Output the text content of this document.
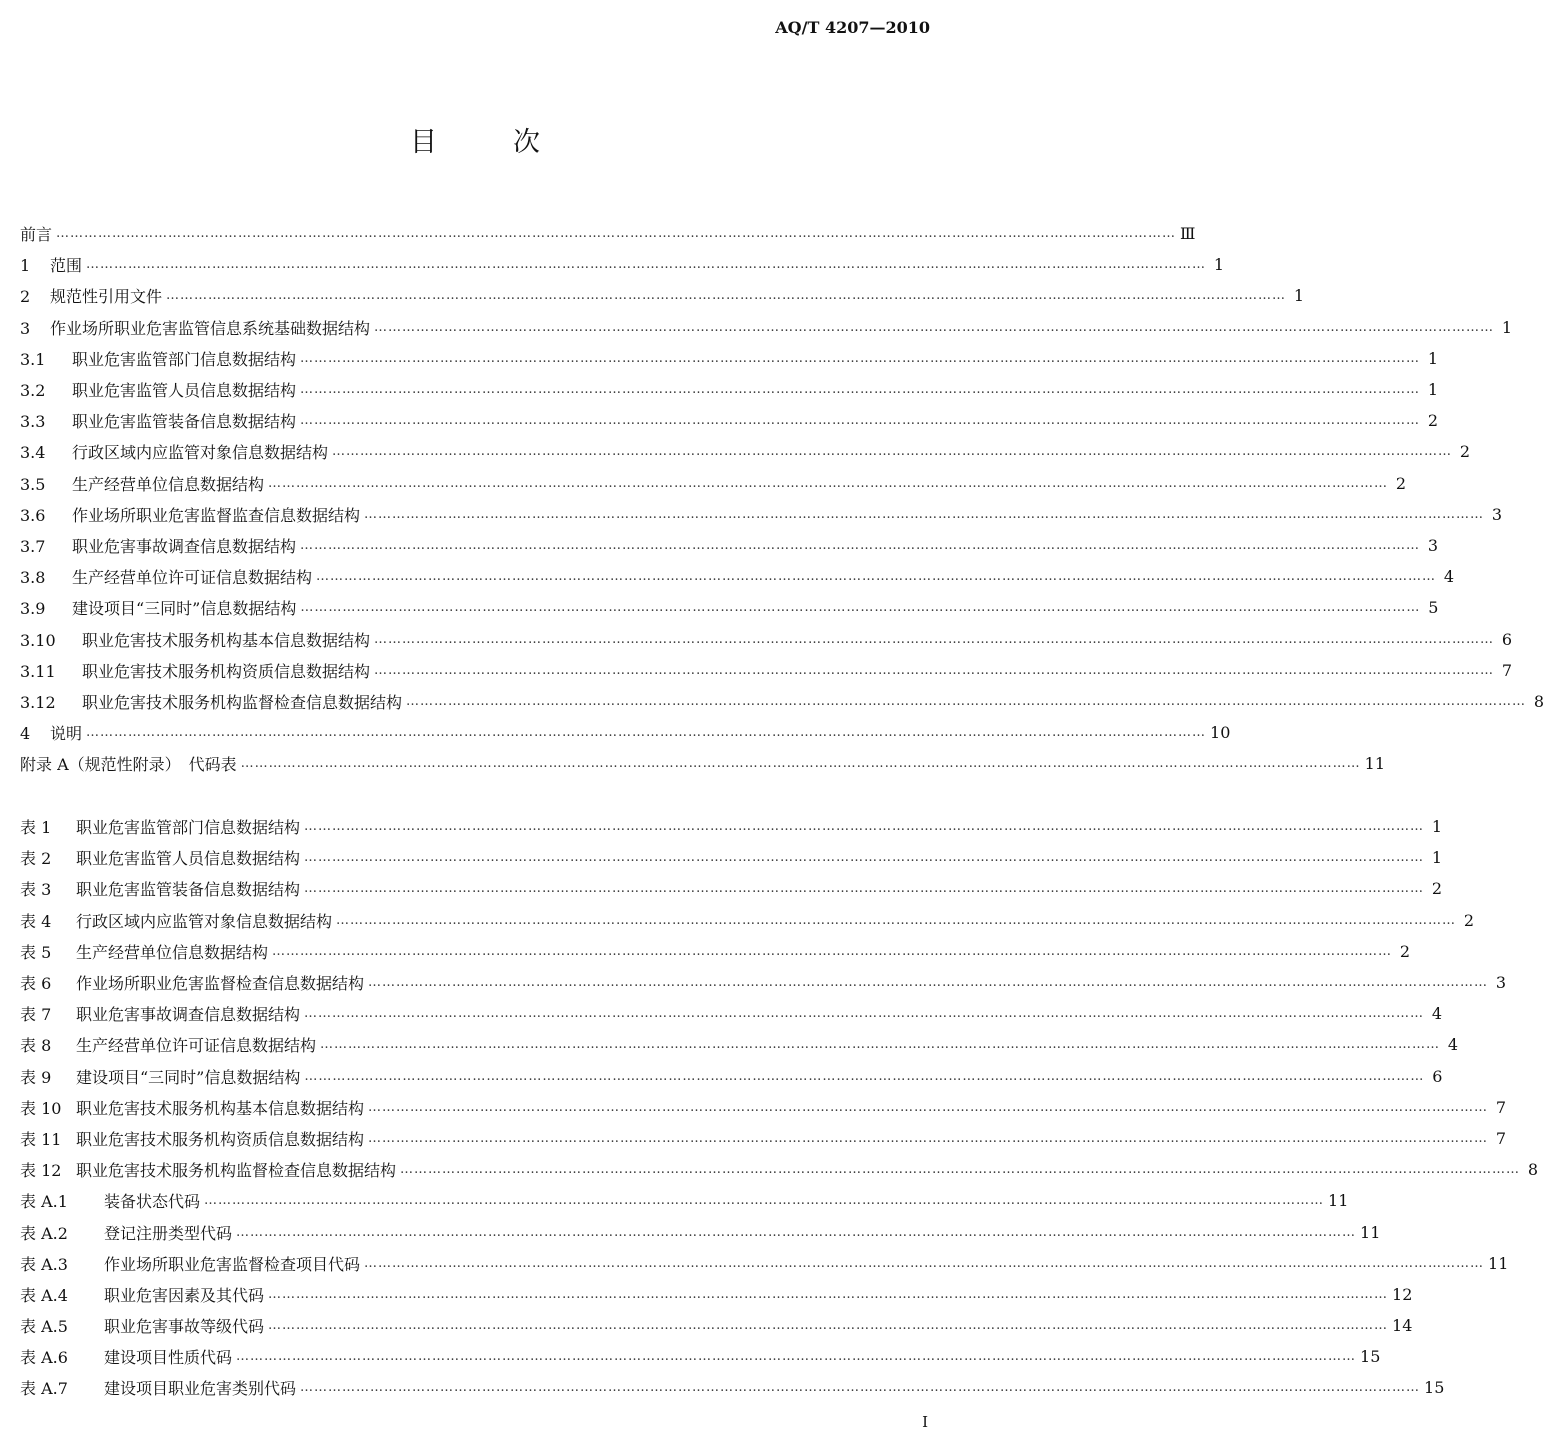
AQ/T 4207—2010
目	次
前言 …………………………………………………………………………………………………………………………………………………………………………………………………………………… Ⅲ
1 范围 …………………………………………………………………………………………………………………………………………………………………………………………………………………… 1
2 规范性引用文件 …………………………………………………………………………………………………………………………………………………………………………………………………………………… 1
3 作业场所职业危害监管信息系统基础数据结构 …………………………………………………………………………………………………………………………………………………………………………………………………………………… 1
3.1 职业危害监管部门信息数据结构 …………………………………………………………………………………………………………………………………………………………………………………………………………………… 1
3.2 职业危害监管人员信息数据结构 …………………………………………………………………………………………………………………………………………………………………………………………………………………… 1
3.3 职业危害监管装备信息数据结构 …………………………………………………………………………………………………………………………………………………………………………………………………………………… 2
3.4 行政区域内应监管对象信息数据结构 …………………………………………………………………………………………………………………………………………………………………………………………………………………… 2
3.5 生产经营单位信息数据结构 …………………………………………………………………………………………………………………………………………………………………………………………………………………… 2
3.6 作业场所职业危害监督监查信息数据结构 …………………………………………………………………………………………………………………………………………………………………………………………………………………… 3
3.7 职业危害事故调查信息数据结构 …………………………………………………………………………………………………………………………………………………………………………………………………………………… 3
3.8 生产经营单位许可证信息数据结构 …………………………………………………………………………………………………………………………………………………………………………………………………………………… 4
3.9 建设项目“三同时”信息数据结构 …………………………………………………………………………………………………………………………………………………………………………………………………………………… 5
3.10 职业危害技术服务机构基本信息数据结构 …………………………………………………………………………………………………………………………………………………………………………………………………………………… 6
3.11 职业危害技术服务机构资质信息数据结构 …………………………………………………………………………………………………………………………………………………………………………………………………………………… 7
3.12 职业危害技术服务机构监督检查信息数据结构 …………………………………………………………………………………………………………………………………………………………………………………………………………………… 8
4 说明 …………………………………………………………………………………………………………………………………………………………………………………………………………………… 10
附录 A（规范性附录） 代码表 …………………………………………………………………………………………………………………………………………………………………………………………………………………… 11
表 1 职业危害监管部门信息数据结构 …………………………………………………………………………………………………………………………………………………………………………………………………………………… 1
表 2 职业危害监管人员信息数据结构 …………………………………………………………………………………………………………………………………………………………………………………………………………………… 1
表 3 职业危害监管装备信息数据结构 …………………………………………………………………………………………………………………………………………………………………………………………………………………… 2
表 4 行政区域内应监管对象信息数据结构 …………………………………………………………………………………………………………………………………………………………………………………………………………………… 2
表 5 生产经营单位信息数据结构 …………………………………………………………………………………………………………………………………………………………………………………………………………………… 2
表 6 作业场所职业危害监督检查信息数据结构 …………………………………………………………………………………………………………………………………………………………………………………………………………………… 3
表 7 职业危害事故调查信息数据结构 …………………………………………………………………………………………………………………………………………………………………………………………………………………… 4
表 8 生产经营单位许可证信息数据结构 …………………………………………………………………………………………………………………………………………………………………………………………………………………… 4
表 9 建设项目“三同时”信息数据结构 …………………………………………………………………………………………………………………………………………………………………………………………………………………… 6
表 10 职业危害技术服务机构基本信息数据结构 …………………………………………………………………………………………………………………………………………………………………………………………………………………… 7
表 11 职业危害技术服务机构资质信息数据结构 …………………………………………………………………………………………………………………………………………………………………………………………………………………… 7
表 12 职业危害技术服务机构监督检查信息数据结构 …………………………………………………………………………………………………………………………………………………………………………………………………………………… 8
表 A.1 装备状态代码 …………………………………………………………………………………………………………………………………………………………………………………………………………………… 11
表 A.2 登记注册类型代码 …………………………………………………………………………………………………………………………………………………………………………………………………………………… 11
表 A.3 作业场所职业危害监督检查项目代码 …………………………………………………………………………………………………………………………………………………………………………………………………………………… 11
表 A.4 职业危害因素及其代码 …………………………………………………………………………………………………………………………………………………………………………………………………………………… 12
表 A.5 职业危害事故等级代码 …………………………………………………………………………………………………………………………………………………………………………………………………………………… 14
表 A.6 建设项目性质代码 …………………………………………………………………………………………………………………………………………………………………………………………………………………… 15
表 A.7 建设项目职业危害类别代码 …………………………………………………………………………………………………………………………………………………………………………………………………………………… 15
Ⅰ
